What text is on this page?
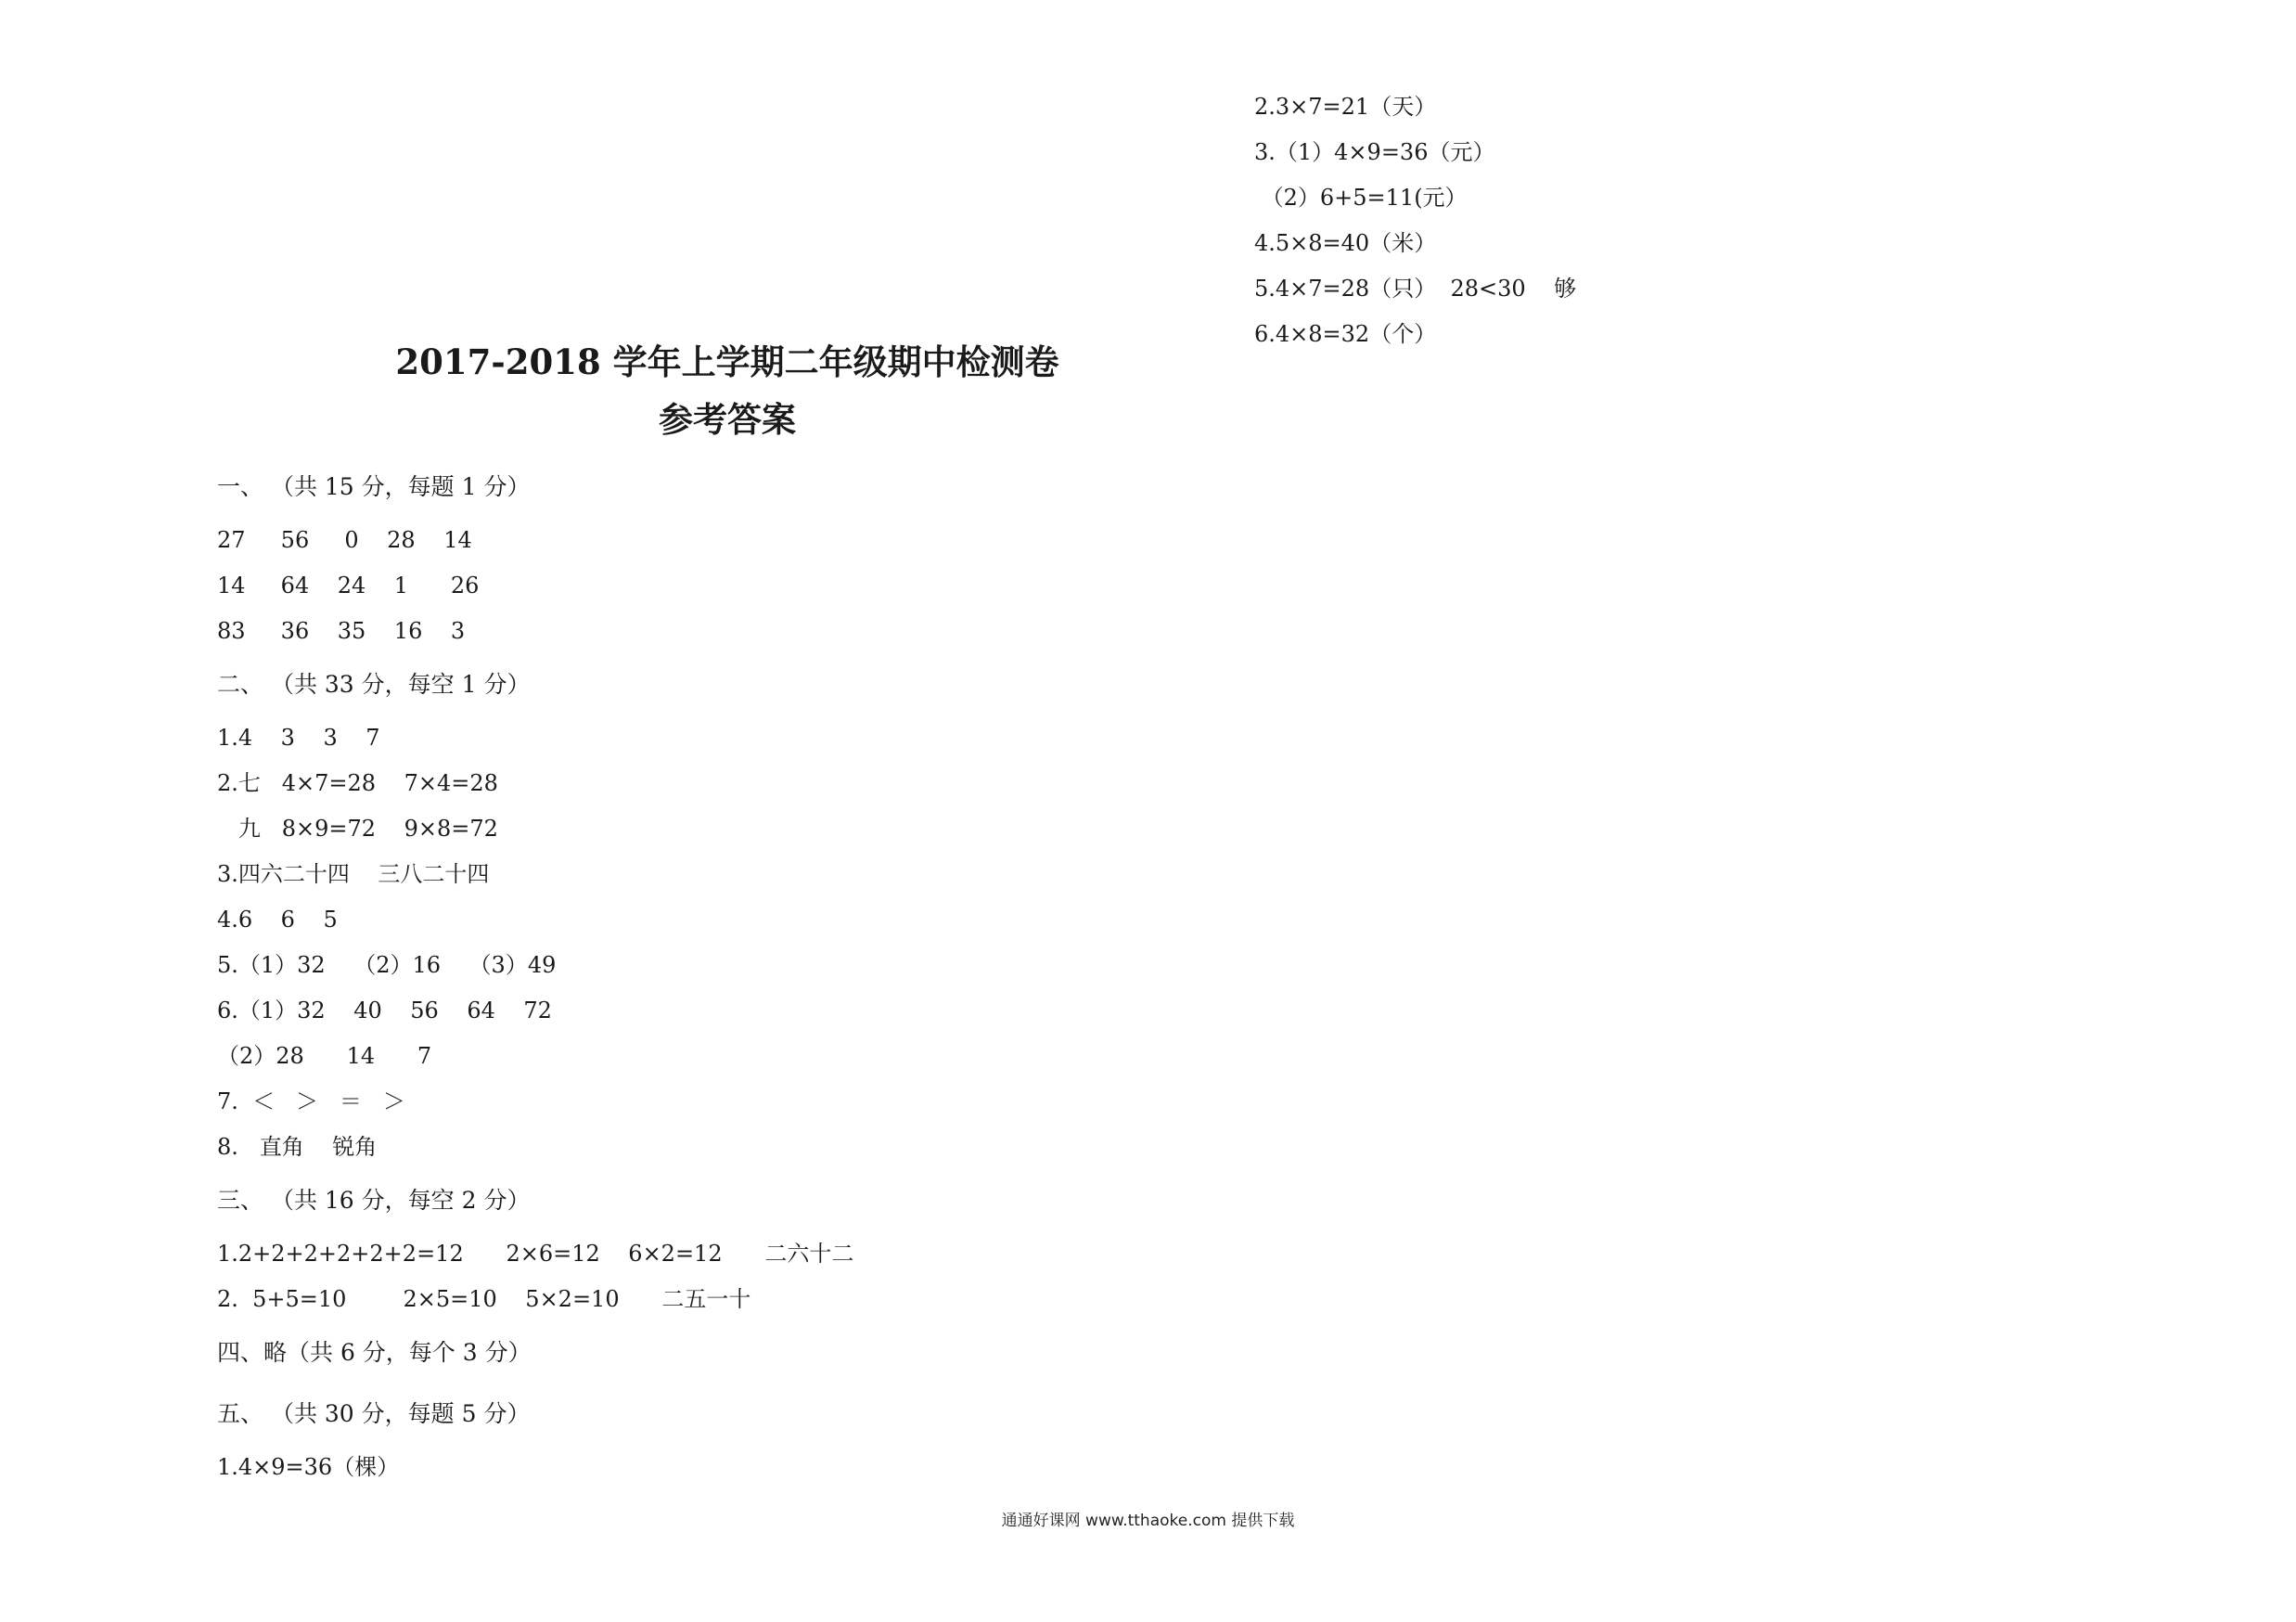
2017-2018 学年上学期二年级期中检测卷
参考答案
一、 （共 15 分，每题 1 分）
27     56     0    28    14
14     64    24    1      26
83     36    35    16    3
二、 （共 33 分，每空 1 分）
1.4    3    3    7
2.七   4×7=28    7×4=28
九   8×9=72    9×8=72
3.四六二十四    三八二十四
4.6    6    5
5.（1）32    （2）16    （3）49
6.（1）32    40    56    64    72
（2）28      14      7
7.  ＜   ＞   ＝   ＞
8.   直角    锐角
三、 （共 16 分，每空 2 分）
1.2+2+2+2+2+2=12      2×6=12    6×2=12      二六十二
2.  5+5=10        2×5=10    5×2=10      二五一十
四、略（共 6 分，每个 3 分）
五、 （共 30 分，每题 5 分）
1.4×9=36（棵）
2.3×7=21（天）
3.（1）4×9=36（元）
（2）6+5=11(元）
4.5×8=40（米）
5.4×7=28（只）  28<30    够
6.4×8=32（个）
通通好课网 www.tthaoke.com 提供下载
